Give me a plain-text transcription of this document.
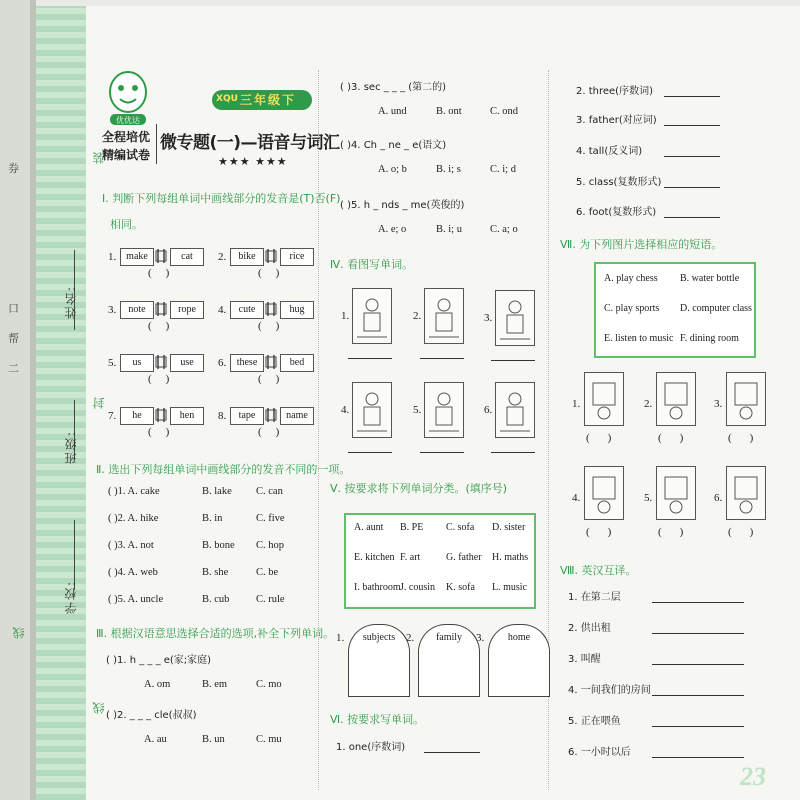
券
口
帮
二
姓名:
班级:
学校:
装
封
线
线
优优达
XQU 三年级下
全程培优
精编试卷
微专题(一)—语音与词汇
★★★ ★★★
Ⅰ. 判断下列每组单词中画线部分的发音是(T)否(F)
相同。
Ⅱ. 选出下列每组单词中画线部分的发音不同的一项。
Ⅲ. 根据汉语意思选择合适的选项,补全下列单词。
Ⅳ. 看图写单词。
Ⅴ. 按要求将下列单词分类。(填序号)
Ⅵ. 按要求写单词。
Ⅶ. 为下列图片选择相应的短语。
Ⅷ. 英汉互译。
23
1. make	cat
()
2.	bike	rice
()
3.	note	rope
()
4.	cute	hug
()
5.	us	use
()
6.	these	bed
()
7.	he	hen
()
8.	tape	name
()
( )1. A. cake	B. lake C. can
( )2. A. hike	B. in	C. five
( )3. A. not	B. bone C. hop
( )4. A. web	B. she	C. be
( )5. A. uncle	B. cub	C. rule
( )1. h _ _ _ e(家;家庭)
A. om	B. em	C. mo
( )2. _ _ _ cle(叔叔)
A. au	B. un	C. mu
( )3. sec _ _ _ (第二的)
A. und	B. ont	C. ond
( )4. Ch _ ne _ e(语文)
A. o; b	B. i; s	C. i; d
( )5. h _ nds _ me(英俊的)
A. e; o	B. i; u	C. a; o
1.	2.	3.
4.	5.	6.
A. aunt B. PE C. sofa D. sister
E. kitchen F. art	G. father H. maths
I. bathroom J. cousin K. sofa L. music
1.	subjects 2.	family	3.	home
1. one(序数词)
2. three(序数词)
3. father(对应词)
4. tall(反义词)
5. class(复数形式)
6. foot(复数形式)
A. play chess B. water bottle
C. play sports D. computer class
E. listen to music F. dining room
1.
()
2.
()
3.
()
4.
()
5.
()
6.
()
1. 在第二层
2. 供出租
3. 叫醒
4. 一间我们的房间
5. 正在喂鱼
6. 一小时以后
